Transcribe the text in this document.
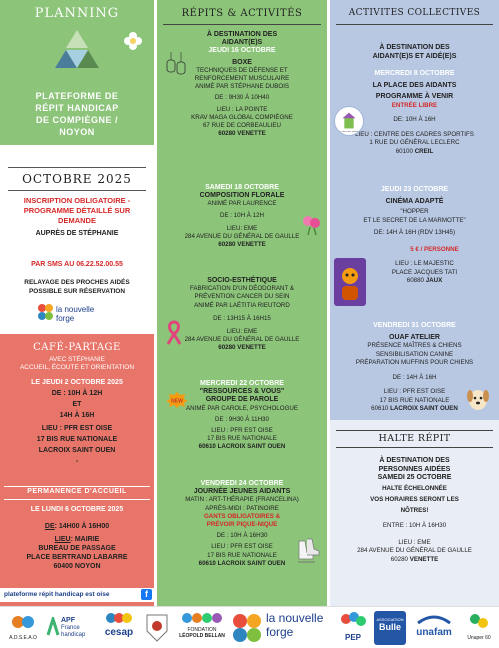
PLANNING
PLATEFORME DE
RÉPIT HANDICAP
DE COMPIÈGNE /
NOYON
OCTOBRE 2025
INSCRIPTION OBLIGATOIRE -
PROGRAMME DÉTAILLÉ SUR
DEMANDE
AUPRÈS DE STÉPHANIE
PAR SMS AU 06.22.52.00.55
RELAYAGE DES PROCHES AIDÉS
POSSIBLE SUR RÉSERVATION
la nouvelle
forge
CAFÉ-PARTAGE
AVEC STÉPHANIE
ACCUEIL, ÉCOUTE ET ORIENTATION
LE JEUDI 2 OCTOBRE 2025
DE : 10H À 12H
ET
14H À 16H
LIEU : PFR EST OISE
17 BIS RUE NATIONALE
LACROIX SAINT OUEN
-
PERMANENCE D'ACCUEIL
LE LUNDI 6 OCTOBRE 2025
DE: 14H00 À 16H00
LIEU: MAIRIE
BUREAU DE PASSAGE
PLACE BERTRAND LABARRE
60400 NOYON
plateforme répit handicap est oise	f
RÉPITS & ACTIVITÉS
À DESTINATION DES
AIDANT(E)S
JEUDI 16 OCTOBRE
BOXE
TECHNIQUES DE DÉFENSE ET
RENFORCEMENT MUSCULAIRE
ANIMÉ PAR STÉPHANE DUBOIS
DE : 9H30 À 10H40
LIEU : LA POINTE
KRAV MAGA GLOBAL COMPIÈGNE
67 RUE DE CORBEAULIEU
60280 VENETTE
SAMEDI 18 OCTOBRE
COMPOSITION FLORALE
ANIMÉ PAR LAURENCE
DE : 10H À 12H
LIEU: EME
284 AVENUE DU GÉNÉRAL DE GAULLE
60280 VENETTE
SOCIO-ESTHÉTIQUE
FABRICATION D'UN DÉODORANT &
PRÉVENTION CANCER DU SEIN
ANIMÉ PAR LAÉTITIA RIEUTORD
DE : 13H15 À 16H15
LIEU: EME
284 AVENUE DU GÉNÉRAL DE GAULLE
60280 VENETTE
MERCREDI 22 OCTOBRE
"RESSOURCES & VOUS"
GROUPE DE PAROLE
ANIMÉ PAR CAROLE, PSYCHOLOGUE
DE : 9H30 À 11H30
LIEU : PFR EST OISE
17 BIS RUE NATIONALE
60610 LACROIX SAINT OUEN
NEW
VENDREDI 24 OCTOBRE
JOURNÉE JEUNES AIDANTS
MATIN : ART-THÉRAPIE (FRANCELINA)
APRÈS-MIDI : PATINOIRE
GANTS OBLIGATOIRES &
PRÉVOIR PIQUE-NIQUE
DE : 10H À 16H30
LIEU : PFR EST OISE
17 BIS RUE NATIONALE
60610 LACROIX SAINT OUEN
ACTIVITES COLLECTIVES
À DESTINATION DES
AIDANT(E)S ET AIDÉ(E)S
MERCREDI 8 OCTOBRE
LA PLACE DES AIDANTS
PROGRAMME À VENIR
ENTRÉE LIBRE
DE: 10H À 16H
LIEU : CENTRE DES CADRES SPORTIFS
1 RUE DU GÉNÉRAL LECLERC
60100 CREIL
La place des aidants
JEUDI 23 OCTOBRE
CINÉMA ADAPTÉ
"HOPPER
ET LE SECRET DE LA MARMOTTE"
DE: 14H À 16H (RDV 13H45)
5 € / PERSONNE
LIEU : LE MAJESTIC
PLACE JACQUES TATI
60880 JAUX
VENDREDI 31 OCTOBRE
OUAF ATELIER
PRÉSENCE MAÎTRES & CHIENS
SENSIBILISATION CANINE
PRÉPARATION MUFFINS POUR CHIENS
DE : 14H À 16H
LIEU : PFR EST OISE
17 BIS RUE NATIONALE
60610 LACROIX SAINT OUEN
HALTE RÉPIT
À DESTINATION DES
PERSONNES AIDÉES
SAMEDI 25 OCTOBRE
HALTE ÉCHELONNÉE
VOS HORAIRES SERONT LES
NÔTRES!
ENTRE : 10H À 16H30
LIEU : EME
284 AVENUE DU GÉNÉRAL DE GAULLE
60280 VENETTE
A.D.S.E.A.O
APF
France
handicap	cesap	FONDATION
LÉOPOLD BELLAN
la nouvelle
forge	PEP
ASSOCIATION
Bulle	unafam	Unaper 60
